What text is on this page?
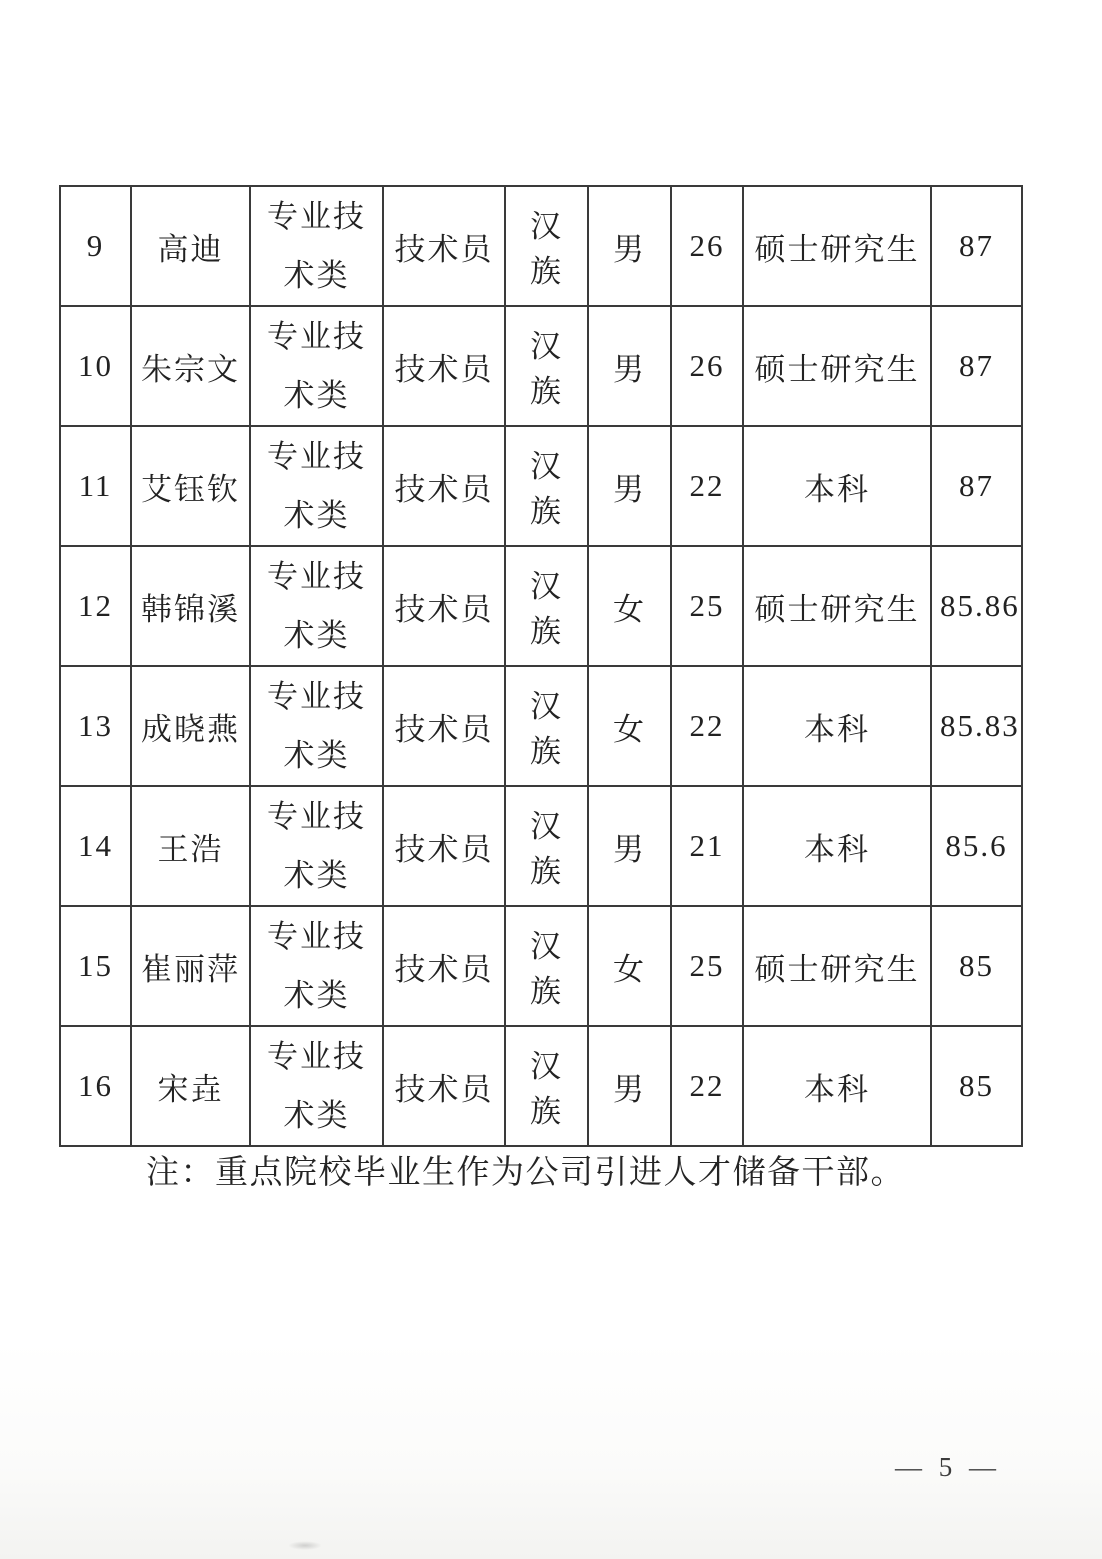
9	高迪	专业技术类	技术员	汉族	男	26	硕士研究生	87
10	朱宗文	专业技术类	技术员	汉族	男	26	硕士研究生	87
11	艾钰钦	专业技术类	技术员	汉族	男	22	本科	87
12	韩锦溪	专业技术类	技术员	汉族	女	25	硕士研究生	85.86
13	成晓燕	专业技术类	技术员	汉族	女	22	本科	85.83
14	王浩	专业技术类	技术员	汉族	男	21	本科	85.6
15	崔丽萍	专业技术类	技术员	汉族	女	25	硕士研究生	85
16	宋垚	专业技术类	技术员	汉族	男	22	本科	85
注：重点院校毕业生作为公司引进人才储备干部。
— 5 —
